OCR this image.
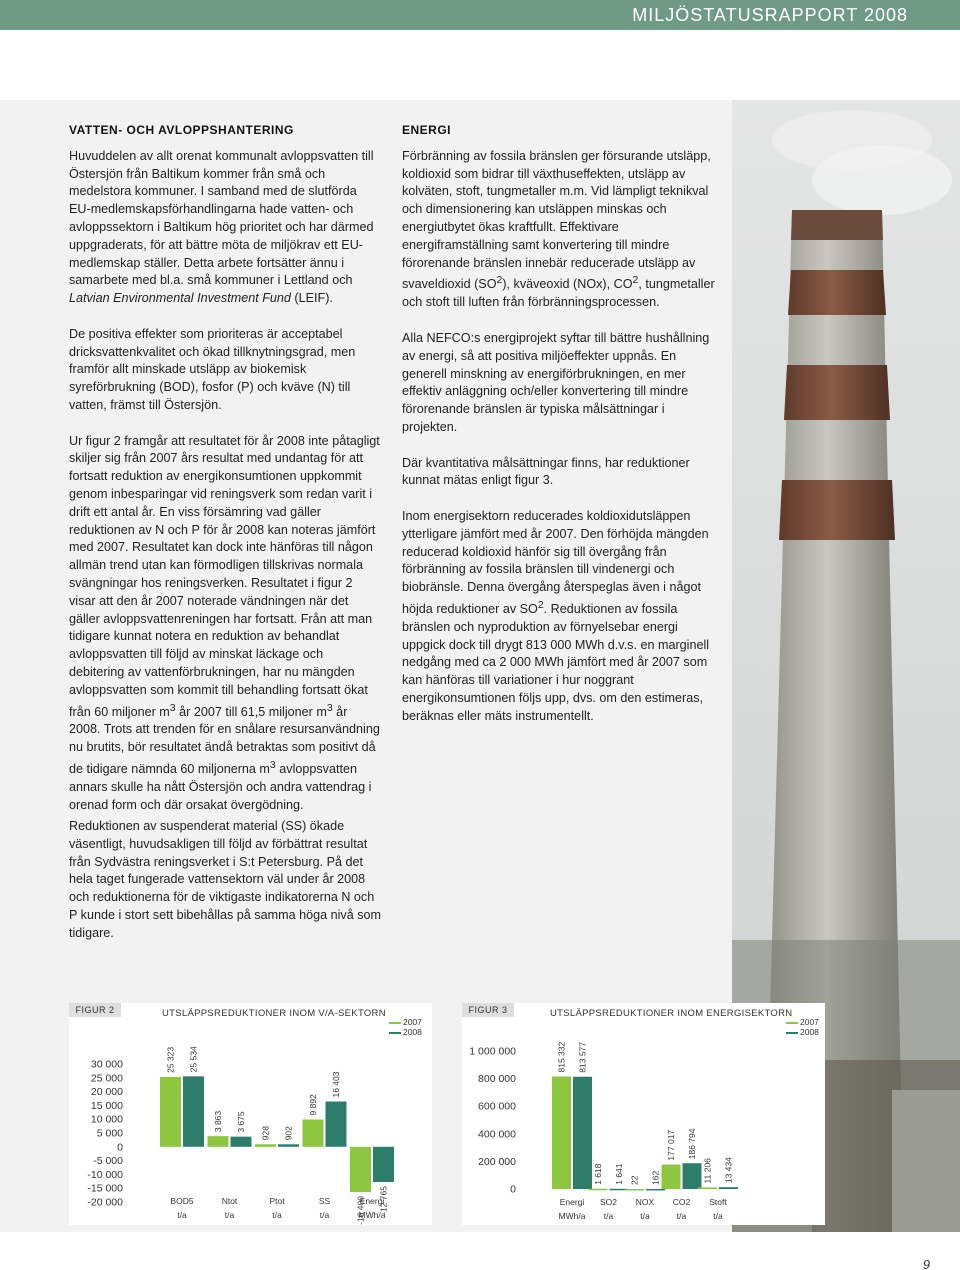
MILJÖSTATUSRAPPORT 2008
VATTEN- OCH AVLOPPSHANTERING

Huvuddelen av allt orenat kommunalt avloppsvatten till Östersjön från Baltikum kommer från små och medelstora kommuner. I samband med de slutförda EU-medlemskapsförhandlingarna hade vatten- och avloppssektorn i Baltikum hög prioritet och har därmed uppgraderats, för att bättre möta de miljökrav ett EU-medlemskap ställer. Detta arbete fortsätter ännu i samarbete med bl.a. små kommuner i Lettland och Latvian Environmental Investment Fund (LEIF).

De positiva effekter som prioriteras är acceptabel dricksvattenkvalitet och ökad tillknytningsgrad, men framför allt minskade utsläpp av biokemisk syreförbrukning (BOD), fosfor (P) och kväve (N) till vatten, främst till Östersjön.

Ur figur 2 framgår att resultatet för år 2008 inte påtagligt skiljer sig från 2007 års resultat med undantag för att fortsatt reduktion av energikonsumtionen uppkommit genom inbesparingar vid reningsverk som redan varit i drift ett antal år. En viss försämring vad gäller reduktionen av N och P för år 2008 kan noteras jämfört med 2007. Resultatet kan dock inte hänföras till någon allmän trend utan kan förmodligen tillskrivas normala svängningar hos reningsverken. Resultatet i figur 2 visar att den år 2007 noterade vändningen när det gäller avloppsvattenreningen har fortsatt. Från att man tidigare kunnat notera en reduktion av behandlat avloppsvatten till följd av minskat läckage och debitering av vattenförbrukningen, har nu mängden avloppsvatten som kommit till behandling fortsatt ökat från 60 miljoner $m^3$ år 2007 till 61,5 miljoner $m^3$ år 2008. Trots att trenden för en snålare resursanvändning nu brutits, bör resultatet ändå betraktas som positivt då de tidigare nämnda 60 miljonerna $m^3$ avloppsvatten annars skulle ha nått Östersjön och andra vattendrag i orenad form och där orsakat övergödning.

Reduktionen av suspenderat material (SS) ökade väsentligt, huvudsakligen till följd av förbättrat resultat från Sydvästra reningsverket i S:t Petersburg. På det hela taget fungerade vattensektorn väl under år 2008 och reduktionerna för de viktigaste indikatorerna N och P kunde i stort sett bibehållas på samma höga nivå som tidigare.

ENERGI

Förbränning av fossila bränslen ger försurande utsläpp, koldioxid som bidrar till växthuseffekten, utsläpp av kolväten, stoft, tungmetaller m.m. Vid lämpligt teknikval och dimensionering kan utsläppen minskas och energiutbytet ökas kraftfullt. Effektivare energiframställning samt konvertering till mindre förorenande bränslen innebär reducerade utsläpp av svaveldioxid $(SO^2)$, kväveoxid (NOx), $CO^2$, tungmetaller och stoft till luften från förbränningsprocessen.

Alla NEFCO:s energiprojekt syftar till bättre hushållning av energi, så att positiva miljöeffekter uppnås. En generell minskning av energiförbrukningen, en mer effektiv anläggning och/eller konvertering till mindre förorenande bränslen är typiska målsättningar i projekten.

Där kvantitativa målsättningar finns, har reduktioner kunnat mätas enligt figur 3.

Inom energisektorn reducerades koldioxidutsläppen ytterligare jämfört med år 2007. Den förhöjda mängden reducerad koldioxid hänför sig till övergång från förbränning av fossila bränslen till vindenergi och biobränsle. Denna övergång återspeglas även i något höjda reduktioner av $SO^2$. Reduktionen av fossila bränslen och nyproduktion av förnyelsebar energi uppgick dock till drygt 813 000 MWh d.v.s. en marginell nedgång med ca 2 000 MWh jämfört med år 2007 som kan hänföras till variationer i hur noggrant energikonsumtionen följs upp, dvs. om den estimeras, beräknas eller mäts instrumentellt.

FIGUR 2	UTSLÄPPSREDUKTIONER INOM V/A-SEKTORN
2007
2008
30 000
25 000
20 000
15 000
10 000
5 000
0
-5 000
-10 000
-15 000
-20 000
25 323 25 534
BOD5
t/a
3 863 3 675
Ntot
t/a
928 902
Ptot
t/a
9 892
16 403
SS
t/a	-16 400 -12 765
Energi
MWh/a
FIGUR 3	UTSLÄPPSREDUKTIONER INOM ENERGISEKTORN
2007
2008
1 000 000
800 000
600 000
400 000
200 000
0
815 332 813 577
Energi
MWh/a
1 618 1 641
SO2
t/a
22 162
NOX
t/a
177 017 186 794
CO2
t/a
11 206 13 434
Stoft
t/a
9
